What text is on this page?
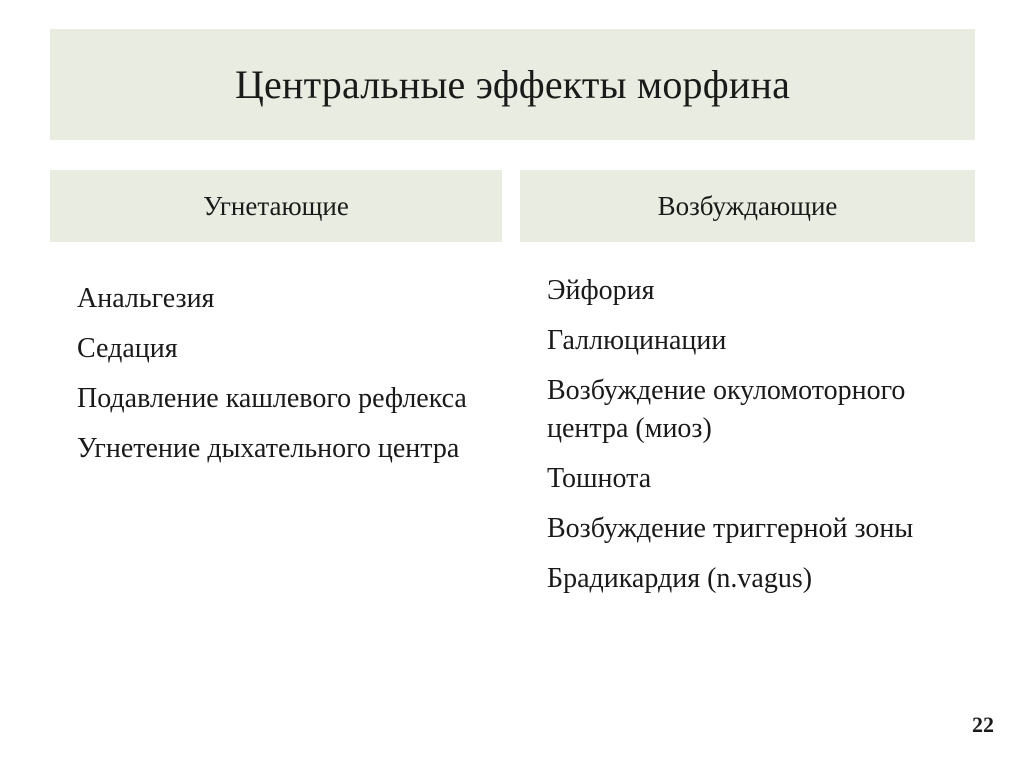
Центральные эффекты морфина
Угнетающие	Возбуждающие
Анальгезия
Седация
Подавление кашлевого рефлекса
Угнетение дыхательного центра
Эйфория
Галлюцинации
Возбуждение окуломоторного центра (миоз)
Тошнота
Возбуждение триггерной зоны
Брадикардия (n.vagus)
22
